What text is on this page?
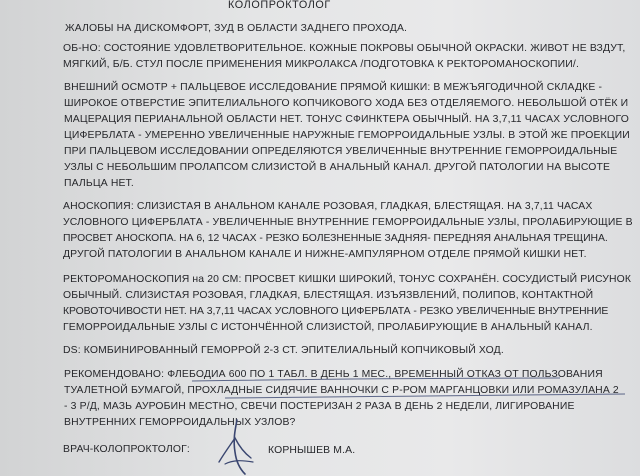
КОЛОПРОКТОЛОГ
ЖАЛОБЫ НА ДИСКОМФОРТ, ЗУД В ОБЛАСТИ ЗАДНЕГО ПРОХОДА.
ОБ-НО: СОСТОЯНИЕ УДОВЛЕТВОРИТЕЛЬНОЕ. КОЖНЫЕ ПОКРОВЫ ОБЫЧНОЙ ОКРАСКИ. ЖИВОТ НЕ ВЗДУТ,
МЯГКИЙ, Б/Б. СТУЛ ПОСЛЕ ПРИМЕНЕНИЯ МИКРОЛАКСА /ПОДГОТОВКА К РЕКТОРОМАНОСКОПИИ/.
ВНЕШНИЙ ОСМОТР + ПАЛЬЦЕВОЕ ИССЛЕДОВАНИЕ ПРЯМОЙ КИШКИ: В МЕЖЪЯГОДИЧНОЙ СКЛАДКЕ -
ШИРОКОЕ ОТВЕРСТИЕ ЭПИТЕЛИАЛЬНОГО КОПЧИКОВОГО ХОДА БЕЗ ОТДЕЛЯЕМОГО. НЕБОЛЬШОЙ ОТЁК И
МАЦЕРАЦИЯ ПЕРИАНАЛЬНОЙ ОБЛАСТИ НЕТ. ТОНУС СФИНКТЕРА ОБЫЧНЫЙ. НА 3,7,11 ЧАСАХ УСЛОВНОГО
ЦИФЕРБЛАТА - УМЕРЕННО УВЕЛИЧЕННЫЕ НАРУЖНЫЕ ГЕМОРРОИДАЛЬНЫЕ УЗЛЫ. В ЭТОЙ ЖЕ ПРОЕКЦИИ
ПРИ ПАЛЬЦЕВОМ ИССЛЕДОВАНИИ ОПРЕДЕЛЯЮТСЯ УВЕЛИЧЕННЫЕ ВНУТРЕННИЕ ГЕМОРРОИДАЛЬНЫЕ
УЗЛЫ С НЕБОЛЬШИМ ПРОЛАПСОМ СЛИЗИСТОЙ В АНАЛЬНЫЙ КАНАЛ. ДРУГОЙ ПАТОЛОГИИ НА ВЫСОТЕ
ПАЛЬЦА НЕТ.
АНОСКОПИЯ: СЛИЗИСТАЯ В АНАЛЬНОМ КАНАЛЕ РОЗОВАЯ, ГЛАДКАЯ, БЛЕСТЯЩАЯ. НА 3,7,11 ЧАСАХ
УСЛОВНОГО ЦИФЕРБЛАТА - УВЕЛИЧЕННЫЕ ВНУТРЕННИЕ ГЕМОРРОИДАЛЬНЫЕ УЗЛЫ, ПРОЛАБИРУЮЩИЕ В
ПРОСВЕТ АНОСКОПА. НА 6, 12 ЧАСАХ - РЕЗКО БОЛЕЗНЕННЫЕ ЗАДНЯЯ- ПЕРЕДНЯЯ АНАЛЬНАЯ ТРЕЩИНА.
ДРУГОЙ ПАТОЛОГИИ В АНАЛЬНОМ КАНАЛЕ И НИЖНЕ-АМПУЛЯРНОМ ОТДЕЛЕ ПРЯМОЙ КИШКИ НЕТ.
РЕКТОРОМАНОСКОПИЯ на 20 СМ: ПРОСВЕТ КИШКИ ШИРОКИЙ, ТОНУС СОХРАНЁН. СОСУДИСТЫЙ РИСУНОК
ОБЫЧНЫЙ. СЛИЗИСТАЯ РОЗОВАЯ, ГЛАДКАЯ, БЛЕСТЯЩАЯ. ИЗЪЯЗВЛЕНИЙ, ПОЛИПОВ, КОНТАКТНОЙ
КРОВОТОЧИВОСТИ НЕТ. НА 3,7,11 ЧАСАХ УСЛОВНОГО ЦИФЕРБЛАТА - РЕЗКО УВЕЛИЧЕННЫЕ ВНУТРЕННИЕ
ГЕМОРРОИДАЛЬНЫЕ УЗЛЫ С ИСТОНЧЁННОЙ СЛИЗИСТОЙ, ПРОЛАБИРУЮЩИЕ В АНАЛЬНЫЙ КАНАЛ.
DS: КОМБИНИРОВАННЫЙ ГЕМОРРОЙ 2-3 СТ. ЭПИТЕЛИАЛЬНЫЙ КОПЧИКОВЫЙ ХОД.
РЕКОМЕНДОВАНО: ФЛЕБОДИА 600 ПО 1 ТАБЛ. В ДЕНЬ 1 МЕС., ВРЕМЕННЫЙ ОТКАЗ ОТ ПОЛЬЗОВАНИЯ
ТУАЛЕТНОЙ БУМАГОЙ, ПРОХЛАДНЫЕ СИДЯЧИЕ ВАННОЧКИ С Р-РОМ МАРГАНЦОВКИ ИЛИ РОМАЗУЛАНА 2
- 3 Р/Д, МАЗЬ АУРОБИН МЕСТНО, СВЕЧИ ПОСТЕРИЗАН 2 РАЗА В ДЕНЬ 2 НЕДЕЛИ, ЛИГИРОВАНИЕ
ВНУТРЕННИХ ГЕМОРРОИДАЛЬНЫХ УЗЛОВ?
ВРАЧ-КОЛОПРОКТОЛОГ:	КОРНЫШЕВ М.А.
